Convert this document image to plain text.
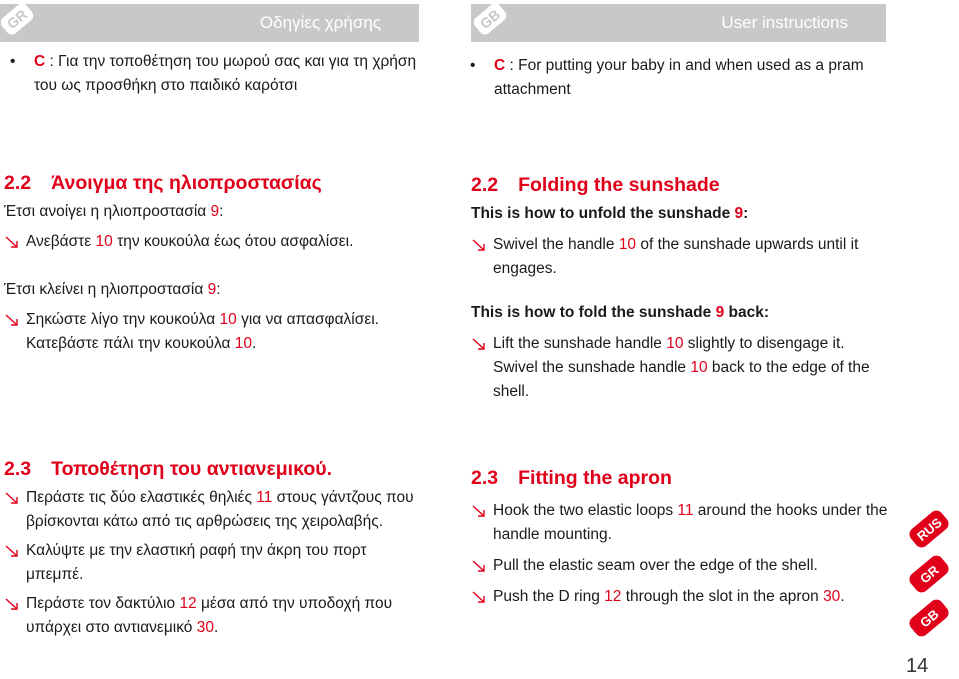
GR	Οδηγίες χρήσης	GB	User instructions

• C : Για την τοποθέτηση του μωρού σας και για τη χρήση του ως προσθήκη στο παιδικό καρότσι

• C : For putting your baby in and when used as a pram attachment

2.2 Άνοιγμα της ηλιοπροστασίας

Έτσι ανοίγει η ηλιοπροστασία 9:

Ανεβάστε 10 την κουκούλα έως ότου ασφαλίσει.

Έτσι κλείνει η ηλιοπροστασία 9:

Σηκώστε λίγο την κουκούλα 10 για να απασφαλίσει. Κατεβάστε πάλι την κουκούλα 10.

2.2 Folding the sunshade

This is how to unfold the sunshade 9:

Swivel the handle 10 of the sunshade upwards until it engages.

This is how to fold the sunshade 9 back:

Lift the sunshade handle 10 slightly to disengage it. Swivel the sunshade handle 10 back to the edge of the shell.

2.3 Τοποθέτηση του αντιανεμικού.

Περάστε τις δύο ελαστικές θηλιές 11 στους γάντζους που βρίσκονται κάτω από τις αρθρώσεις της χειρολαβής.

Καλύψτε με την ελαστική ραφή την άκρη του πορτ μπεμπέ.

Περάστε τον δακτύλιο 12 μέσα από την υποδοχή που υπάρχει στο αντιανεμικό 30.

2.3 Fitting the apron

Hook the two elastic loops 11 around the hooks under the handle mounting.

Pull the elastic seam over the edge of the shell.

Push the D ring 12 through the slot in the apron 30.

RUS
GR
GB
14
